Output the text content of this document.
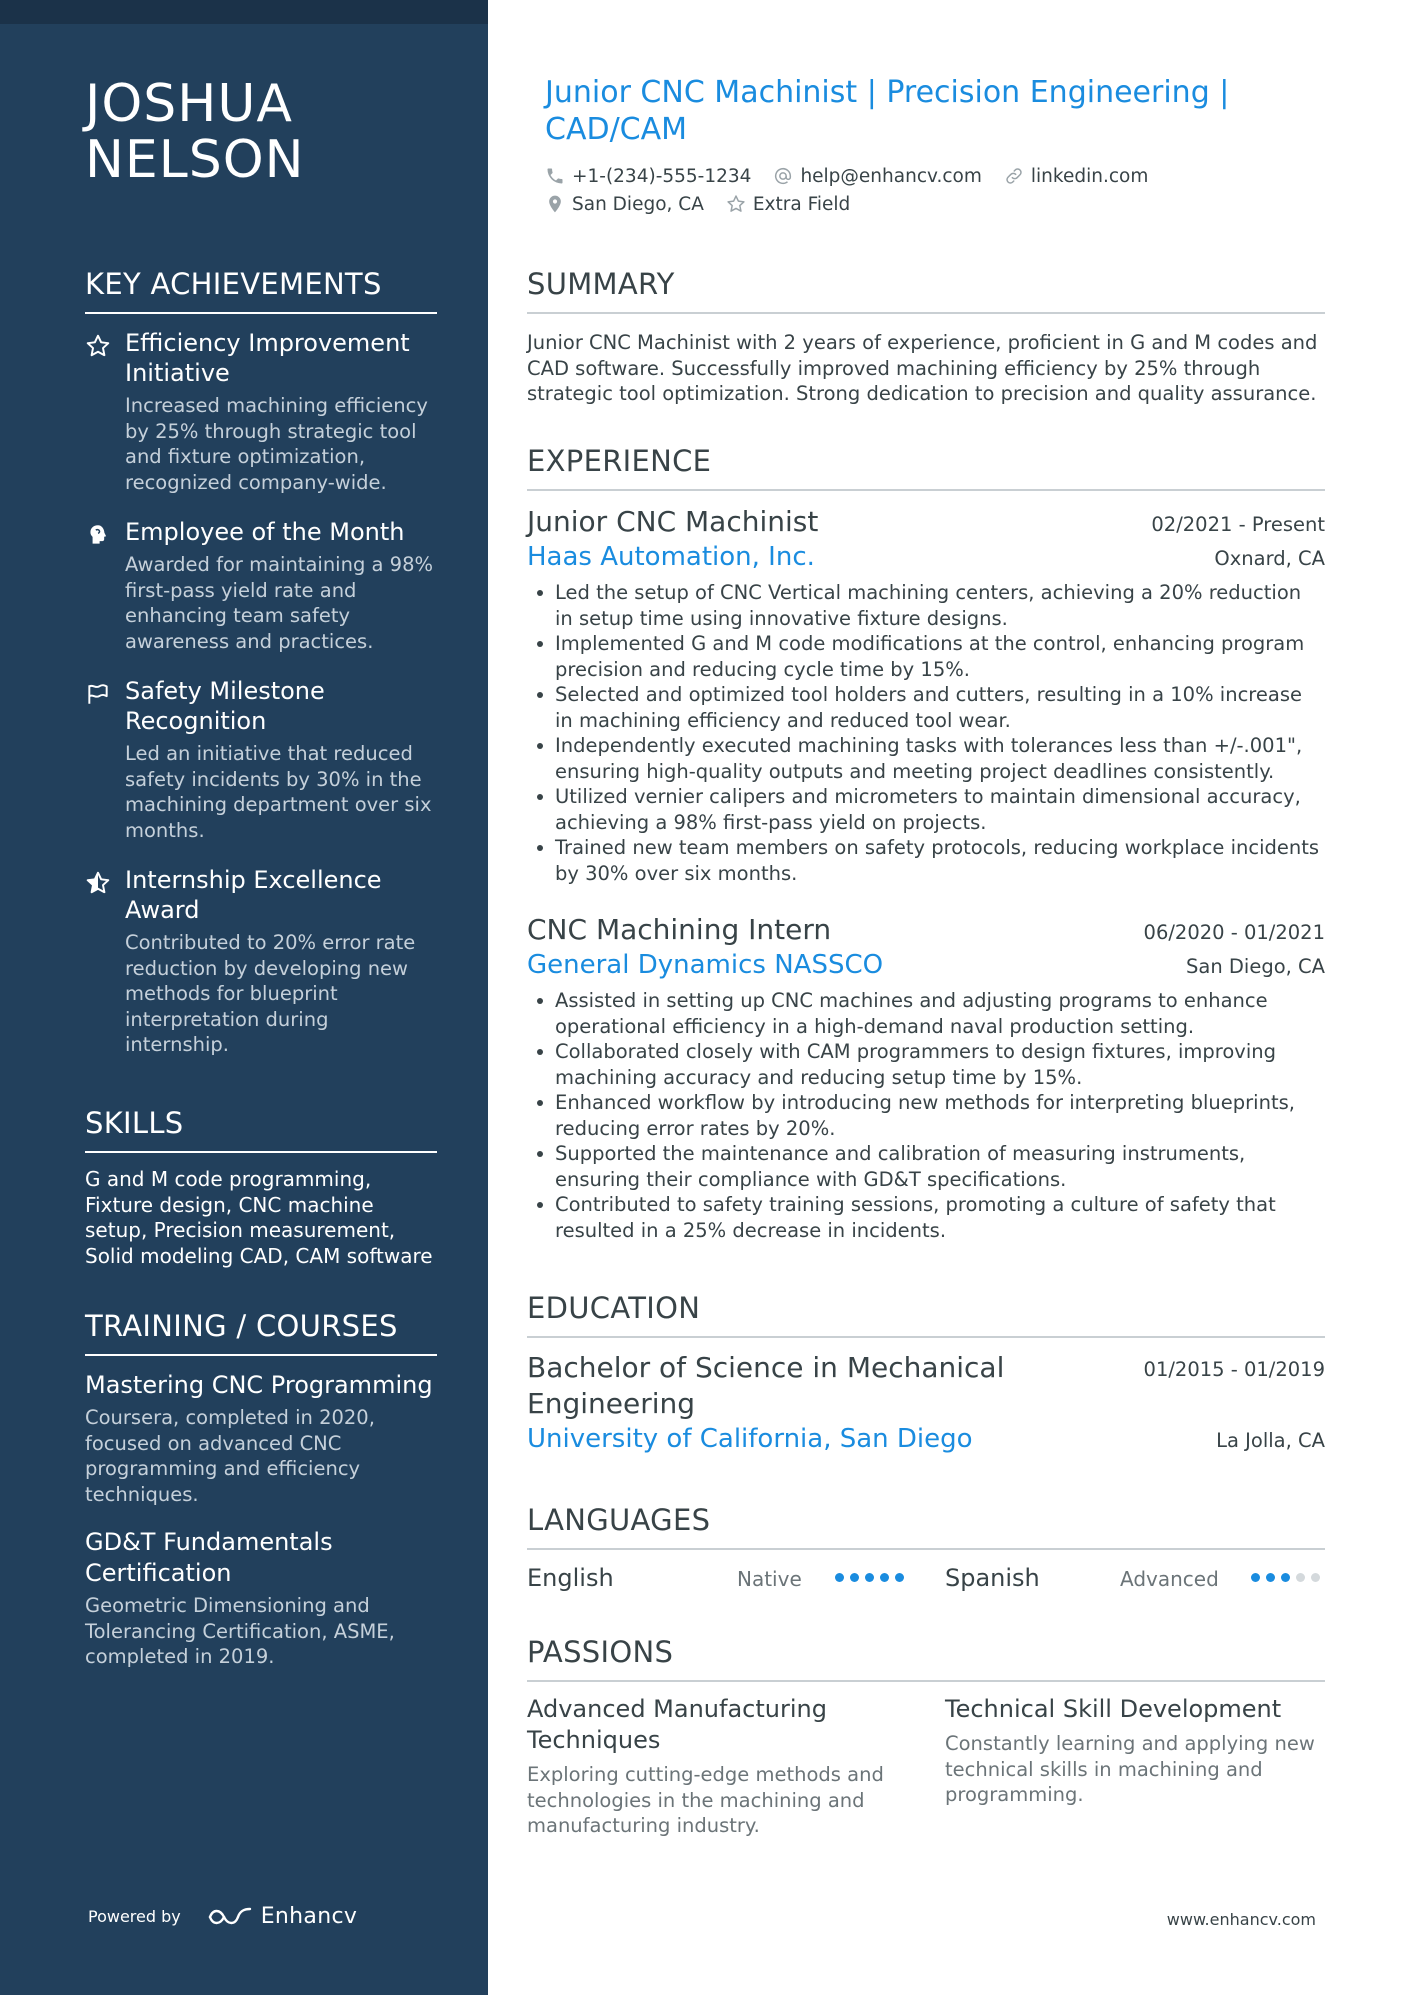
JOSHUA NELSON
KEY ACHIEVEMENTS
Efficiency Improvement Initiative
Increased machining efficiency by 25% through strategic tool and fixture optimization, recognized company-wide.
Employee of the Month
Awarded for maintaining a 98% first-pass yield rate and enhancing team safety awareness and practices.
Safety Milestone Recognition
Led an initiative that reduced safety incidents by 30% in the machining department over six months.
Internship Excellence Award
Contributed to 20% error rate reduction by developing new methods for blueprint interpretation during internship.
SKILLS
G and M code programming, Fixture design, CNC machine setup, Precision measurement, Solid modeling CAD, CAM software
TRAINING / COURSES
Mastering CNC Programming
Coursera, completed in 2020, focused on advanced CNC programming and efficiency techniques.
GD&T Fundamentals Certification
Geometric Dimensioning and Tolerancing Certification, ASME, completed in 2019.
Powered by	Enhancv
Junior CNC Machinist | Precision Engineering | CAD/CAM
+1-(234)-555-1234	help@enhancv.com	linkedin.com
San Diego, CA	Extra Field
SUMMARY
Junior CNC Machinist with 2 years of experience, proficient in G and M codes and CAD software. Successfully improved machining efficiency by 25% through strategic tool optimization. Strong dedication to precision and quality assurance.
EXPERIENCE
Junior CNC Machinist	02/2021 - Present
Haas Automation, Inc.	Oxnard, CA
Led the setup of CNC Vertical machining centers, achieving a 20% reduction in setup time using innovative fixture designs.
Implemented G and M code modifications at the control, enhancing program precision and reducing cycle time by 15%.
Selected and optimized tool holders and cutters, resulting in a 10% increase in machining efficiency and reduced tool wear.
Independently executed machining tasks with tolerances less than +/-.001", ensuring high-quality outputs and meeting project deadlines consistently.
Utilized vernier calipers and micrometers to maintain dimensional accuracy, achieving a 98% first-pass yield on projects.
Trained new team members on safety protocols, reducing workplace incidents by 30% over six months.
CNC Machining Intern	06/2020 - 01/2021
General Dynamics NASSCO	San Diego, CA
Assisted in setting up CNC machines and adjusting programs to enhance operational efficiency in a high-demand naval production setting.
Collaborated closely with CAM programmers to design fixtures, improving machining accuracy and reducing setup time by 15%.
Enhanced workflow by introducing new methods for interpreting blueprints, reducing error rates by 20%.
Supported the maintenance and calibration of measuring instruments, ensuring their compliance with GD&T specifications.
Contributed to safety training sessions, promoting a culture of safety that resulted in a 25% decrease in incidents.
EDUCATION
Bachelor of Science in Mechanical Engineering
01/2015 - 01/2019
University of California, San Diego	La Jolla, CA
LANGUAGES
English	Native	Spanish	Advanced
PASSIONS
Advanced Manufacturing Techniques
Exploring cutting-edge methods and technologies in the machining and manufacturing industry.
Technical Skill Development
Constantly learning and applying new technical skills in machining and programming.
www.enhancv.com
